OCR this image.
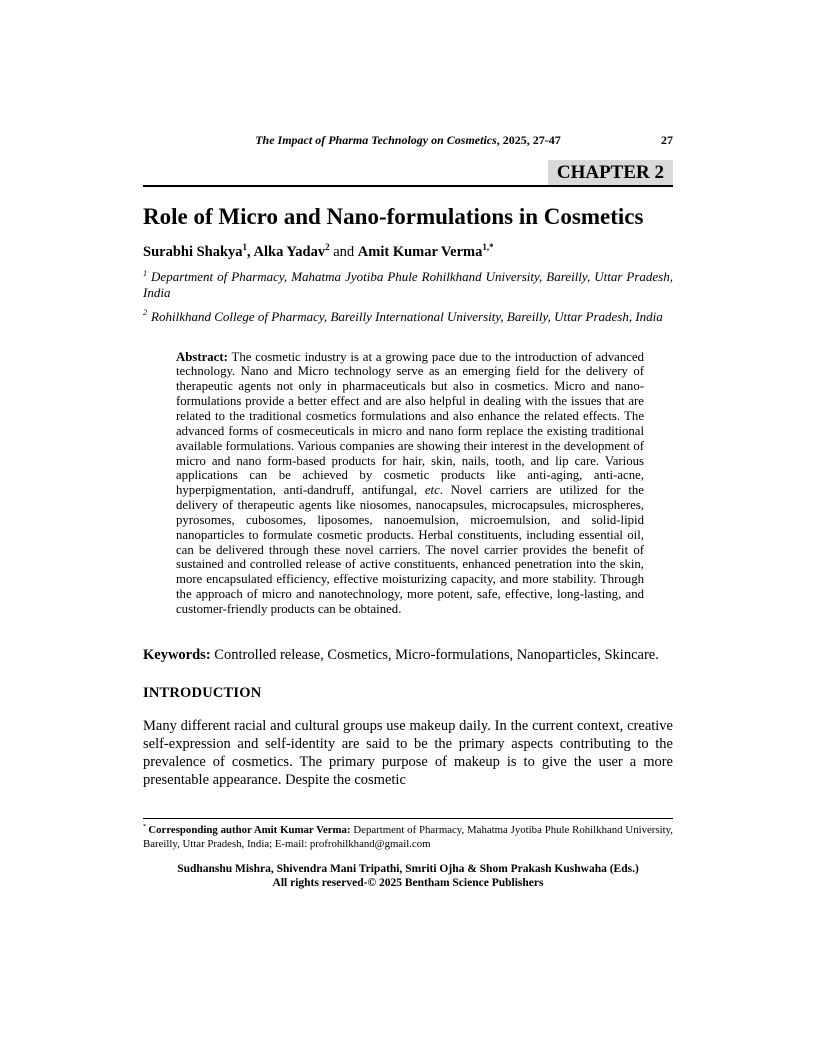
The Impact of Pharma Technology on Cosmetics, 2025, 27-47	27
CHAPTER 2
Role of Micro and Nano-formulations in Cosmetics

Surabhi Shakya$^1$, Alka Yadav$^2$ and Amit Kumar Verma$^{1,*}$

$^1$ Department of Pharmacy, Mahatma Jyotiba Phule Rohilkhand University, Bareilly, Uttar Pradesh, India

$^2$ Rohilkhand College of Pharmacy, Bareilly International University, Bareilly, Uttar Pradesh, India

Abstract: The cosmetic industry is at a growing pace due to the introduction of advanced technology. Nano and Micro technology serve as an emerging field for the delivery of therapeutic agents not only in pharmaceuticals but also in cosmetics. Micro and nano-formulations provide a better effect and are also helpful in dealing with the issues that are related to the traditional cosmetics formulations and also enhance the related effects. The advanced forms of cosmeceuticals in micro and nano form replace the existing traditional available formulations. Various companies are showing their interest in the development of micro and nano form-based products for hair, skin, nails, tooth, and lip care. Various applications can be achieved by cosmetic products like anti-aging, anti-acne, hyperpigmentation, anti-dandruff, antifungal, etc. Novel carriers are utilized for the delivery of therapeutic agents like niosomes, nanocapsules, microcapsules, microspheres, pyrosomes, cubosomes, liposomes, nanoemulsion, microemulsion, and solid-lipid nanoparticles to formulate cosmetic products. Herbal constituents, including essential oil, can be delivered through these novel carriers. The novel carrier provides the benefit of sustained and controlled release of active constituents, enhanced penetration into the skin, more encapsulated efficiency, effective moisturizing capacity, and more stability. Through the approach of micro and nanotechnology, more potent, safe, effective, long-lasting, and customer-friendly products can be obtained.

Keywords: Controlled release, Cosmetics, Micro-formulations, Nanoparticles, Skincare.

INTRODUCTION

Many different racial and cultural groups use makeup daily. In the current context, creative self-expression and self-identity are said to be the primary aspects contributing to the prevalence of cosmetics. The primary purpose of makeup is to give the user a more presentable appearance. Despite the cosmetic

* Corresponding author Amit Kumar Verma: Department of Pharmacy, Mahatma Jyotiba Phule Rohilkhand University, Bareilly, Uttar Pradesh, India; E-mail: profrohilkhand@gmail.com

Sudhanshu Mishra, Shivendra Mani Tripathi, Smriti Ojha & Shom Prakash Kushwaha (Eds.)
All rights reserved-© 2025 Bentham Science Publishers
